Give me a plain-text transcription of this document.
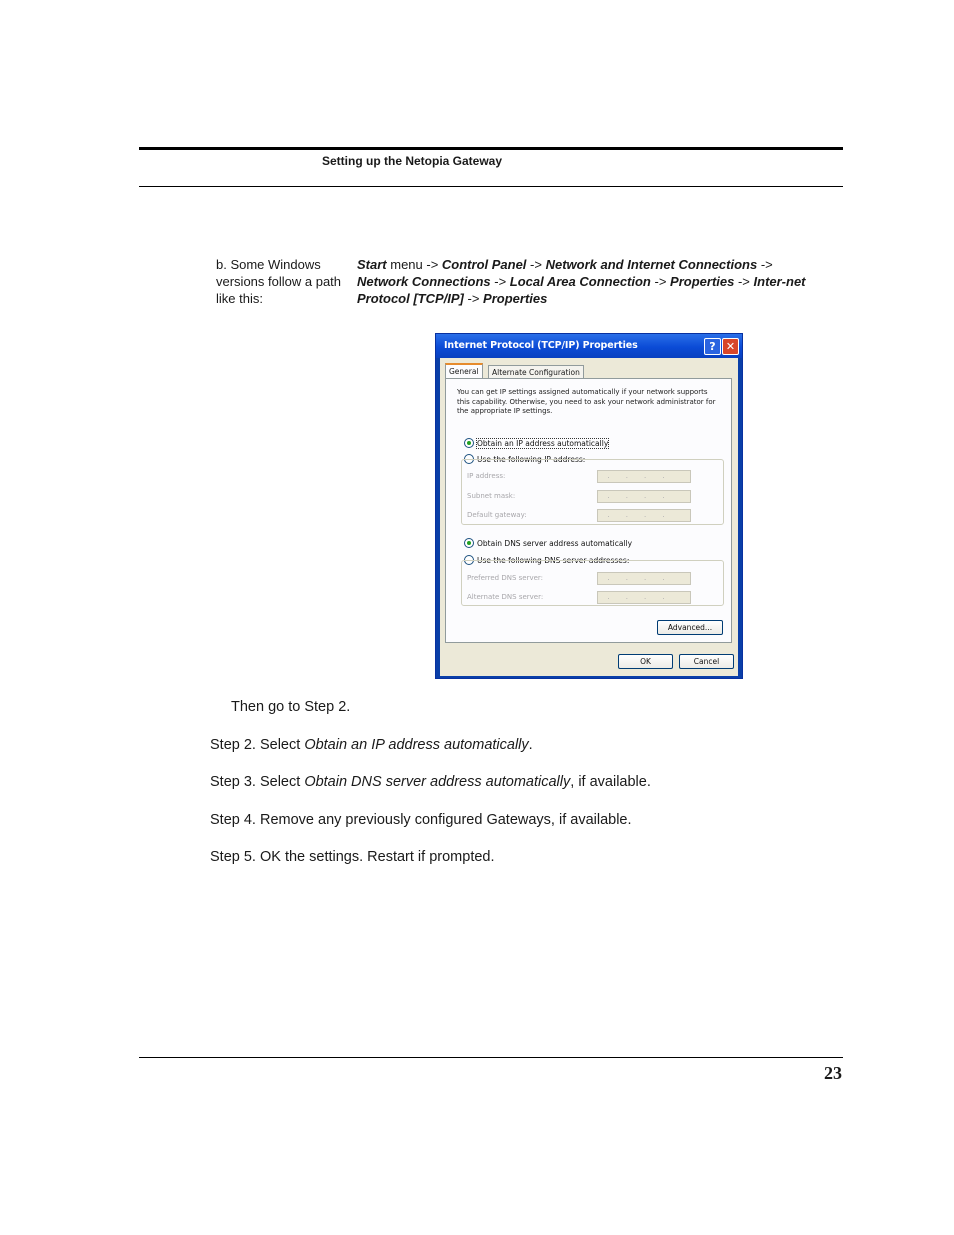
Setting up the Netopia Gateway
b. Some Windows versions follow a path like this:
Start menu -> Control Panel -> Network and Internet Connections -> Network Connections -> Local Area Connection -> Properties -> Inter-net Protocol [TCP/IP] -> Properties
Internet Protocol (TCP/IP) Properties	? ✕
General	Alternate Configuration
You can get IP settings assigned automatically if your network supports this capability. Otherwise, you need to ask your network administrator for the appropriate IP settings.
Obtain an IP address automatically
Use the following IP address:
IP address:	....
Subnet mask:	....
Default gateway:	....
Obtain DNS server address automatically
Use the following DNS server addresses:
Preferred DNS server:	....
Alternate DNS server:	....
Advanced...
OK	Cancel
Then go to Step 2.
Step 2. Select Obtain an IP address automatically.
Step 3. Select Obtain DNS server address automatically, if available.
Step 4. Remove any previously configured Gateways, if available.
Step 5. OK the settings. Restart if prompted.
23
